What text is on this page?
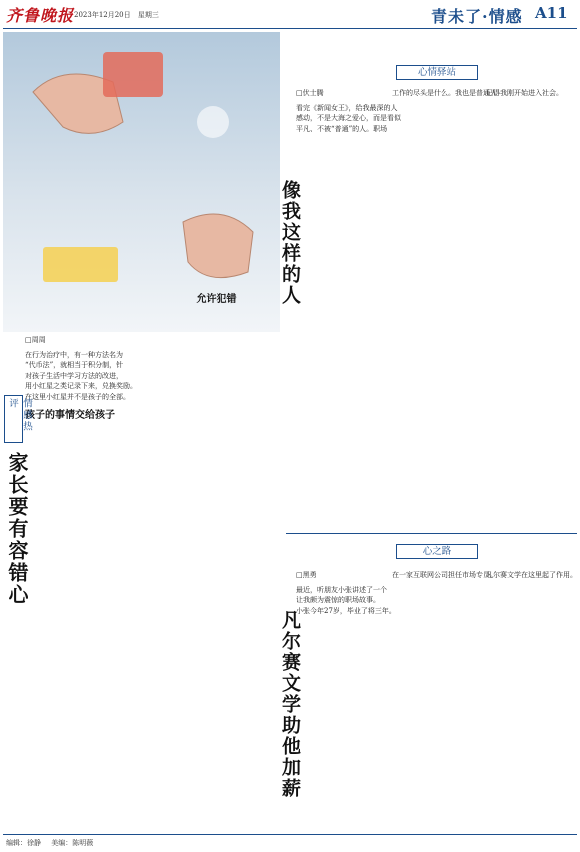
齐鲁晚报 2023年12月20日 星期三	青未了·情感 A11
□周周
在行为治疗中，有一种方法名为
“代币法”，就相当于积分制，针
对孩子生活中学习方法的改进，
用小红星之类记录下来，兑换奖励。
在这里小红星并不是孩子的全部。
孩子的事情交给孩子
情感热评
家长要有容错心
允许犯错
心情驿站
□伏士腾
看完《新闻女王》，给我最深的人
感动，不是大海之爱心，而是看似
平凡、不被“普通”的人。职场
像我这样的人
工作的尽头是什么。我也是普通人
记得我刚开始进入社会。
心之路
□黑勇
最近，听朋友小张讲述了一个
让我颇为震惊的职场故事。
小张今年27岁，毕业了将三年。
凡尔赛文学助他加薪
在一家互联网公司担任市场专员。
凡尔赛文学在这里起了作用。
编辑：徐静 美编：陈明薇
